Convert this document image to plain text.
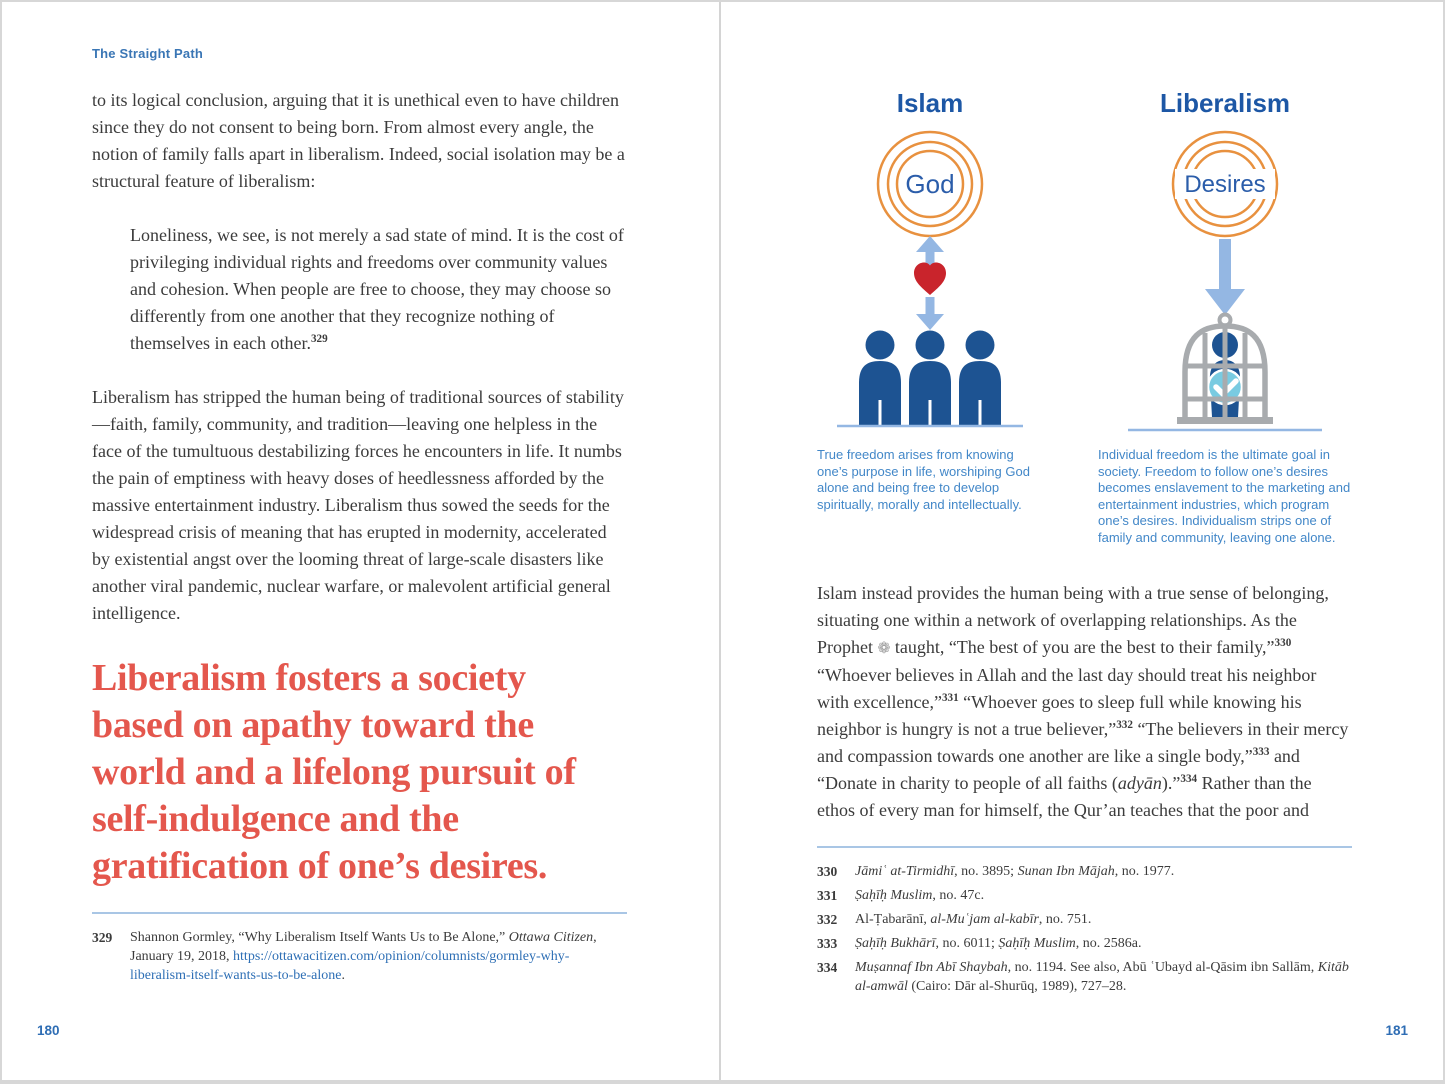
The Straight Path

to its logical conclusion, arguing that it is unethical even to have children since they do not consent to being born. From almost every angle, the notion of family falls apart in liberalism. Indeed, social isolation may be a structural feature of liberalism:

Loneliness, we see, is not merely a sad state of mind. It is the cost of privileging individual rights and freedoms over community values and cohesion. When people are free to choose, they may choose so differently from one another that they recognize nothing of themselves in each other.$^{329}$

Liberalism has stripped the human being of traditional sources of stability—faith, family, community, and tradition—leaving one helpless in the face of the tumultuous destabilizing forces he encounters in life. It numbs the pain of emptiness with heavy doses of heedlessness afforded by the massive entertainment industry. Liberalism thus sowed the seeds for the widespread crisis of meaning that has erupted in modernity, accelerated by existential angst over the looming threat of large-scale disasters like another viral pandemic, nuclear warfare, or malevolent artificial general intelligence.

Liberalism fosters a society based on apathy toward the world and a lifelong pursuit of self-indulgence and the gratification of one’s desires.
329	Shannon Gormley, “Why Liberalism Itself Wants Us to Be Alone,” Ottawa Citizen, January 19, 2018, https://ottawacitizen.com/opinion/columnists/gormley-why-liberalism-itself-wants-us-to-be-alone.
180
Islam
God

True freedom arises from knowing one’s purpose in life, worshiping God alone and being free to develop spiritually, morally and intellectually.

Liberalism
Desires

Individual freedom is the ultimate goal in society. Freedom to follow one’s desires becomes enslavement to the marketing and entertainment industries, which program one’s desires. Individualism strips one of family and community, leaving one alone.

Islam instead provides the human being with a true sense of belonging, situating one within a network of overlapping relationships. As the Prophet ❁ taught, “The best of you are the best to their family,”$^{330}$ “Whoever believes in Allah and the last day should treat his neighbor with excellence,”$^{331}$ “Whoever goes to sleep full while knowing his neighbor is hungry is not a true believer,”$^{332}$ “The believers in their mercy and compassion towards one another are like a single body,”$^{333}$ and “Donate in charity to people of all faiths (adyān).”$^{334}$ Rather than the ethos of every man for himself, the Qur’an teaches that the poor and

330	Jāmiʿ at-Tirmidhī, no. 3895; Sunan Ibn Mājah, no. 1977.
331	Ṣaḥīḥ Muslim, no. 47c.
332	Al-Ṭabarānī, al-Muʿjam al-kabīr, no. 751.
333	Ṣaḥīḥ Bukhārī, no. 6011; Ṣaḥīḥ Muslim, no. 2586a.
334	Muṣannaf Ibn Abī Shaybah, no. 1194. See also, Abū ʿUbayd al-Qāsim ibn Sallām, Kitāb al-amwāl (Cairo: Dār al-Shurūq, 1989), 727–28.
181
